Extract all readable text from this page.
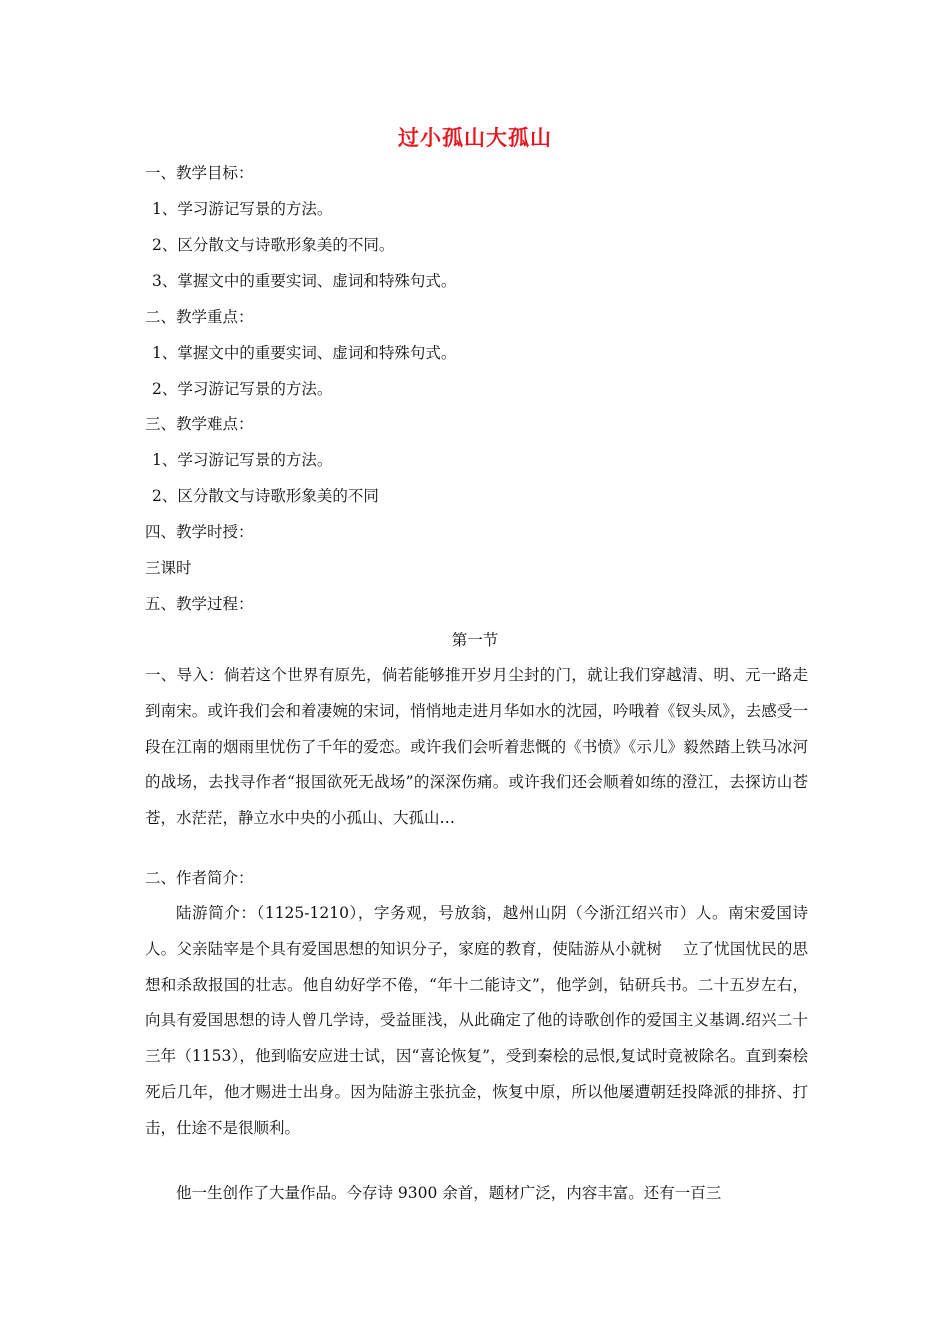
过小孤山大孤山
一、教学目标：
1、学习游记写景的方法。
2、区分散文与诗歌形象美的不同。
3、掌握文中的重要实词、虚词和特殊句式。
二、教学重点：
1、掌握文中的重要实词、虚词和特殊句式。
2、学习游记写景的方法。
三、教学难点：
1、学习游记写景的方法。
2、区分散文与诗歌形象美的不同
四、教学时授：
三课时
五、教学过程：
第一节
一、导入：倘若这个世界有原先，倘若能够推开岁月尘封的门，就让我们穿越清、明、元一路走到南宋。或许我们会和着凄婉的宋词，悄悄地走进月华如水的沈园，吟哦着《钗头凤》，去感受一段在江南的烟雨里忧伤了千年的爱恋。或许我们会听着悲慨的《书愤》《示儿》毅然踏上铁马冰河的战场，去找寻作者“报国欲死无战场”的深深伤痛。或许我们还会顺着如练的澄江，去探访山苍苍，水茫茫，静立水中央的小孤山、大孤山…
二、作者简介：
陆游简介：（1125-1210），字务观，号放翁，越州山阴（今浙江绍兴市）人。南宋爱国诗人。父亲陆宰是个具有爱国思想的知识分子，家庭的教育，使陆游从小就树　 立了忧国忧民的思想和杀敌报国的壮志。他自幼好学不倦，“年十二能诗文”，他学剑，钻研兵书。二十五岁左右，向具有爱国思想的诗人曾几学诗，受益匪浅，从此确定了他的诗歌创作的爱国主义基调.绍兴二十三年（1153），他到临安应进士试，因“喜论恢复”，受到秦桧的忌恨,复试时竟被除名。直到秦桧死后几年，他才赐进士出身。因为陆游主张抗金，恢复中原，所以他屡遭朝廷投降派的排挤、打击，仕途不是很顺利。
他一生创作了大量作品。今存诗 9300 余首，题材广泛，内容丰富。还有一百三
